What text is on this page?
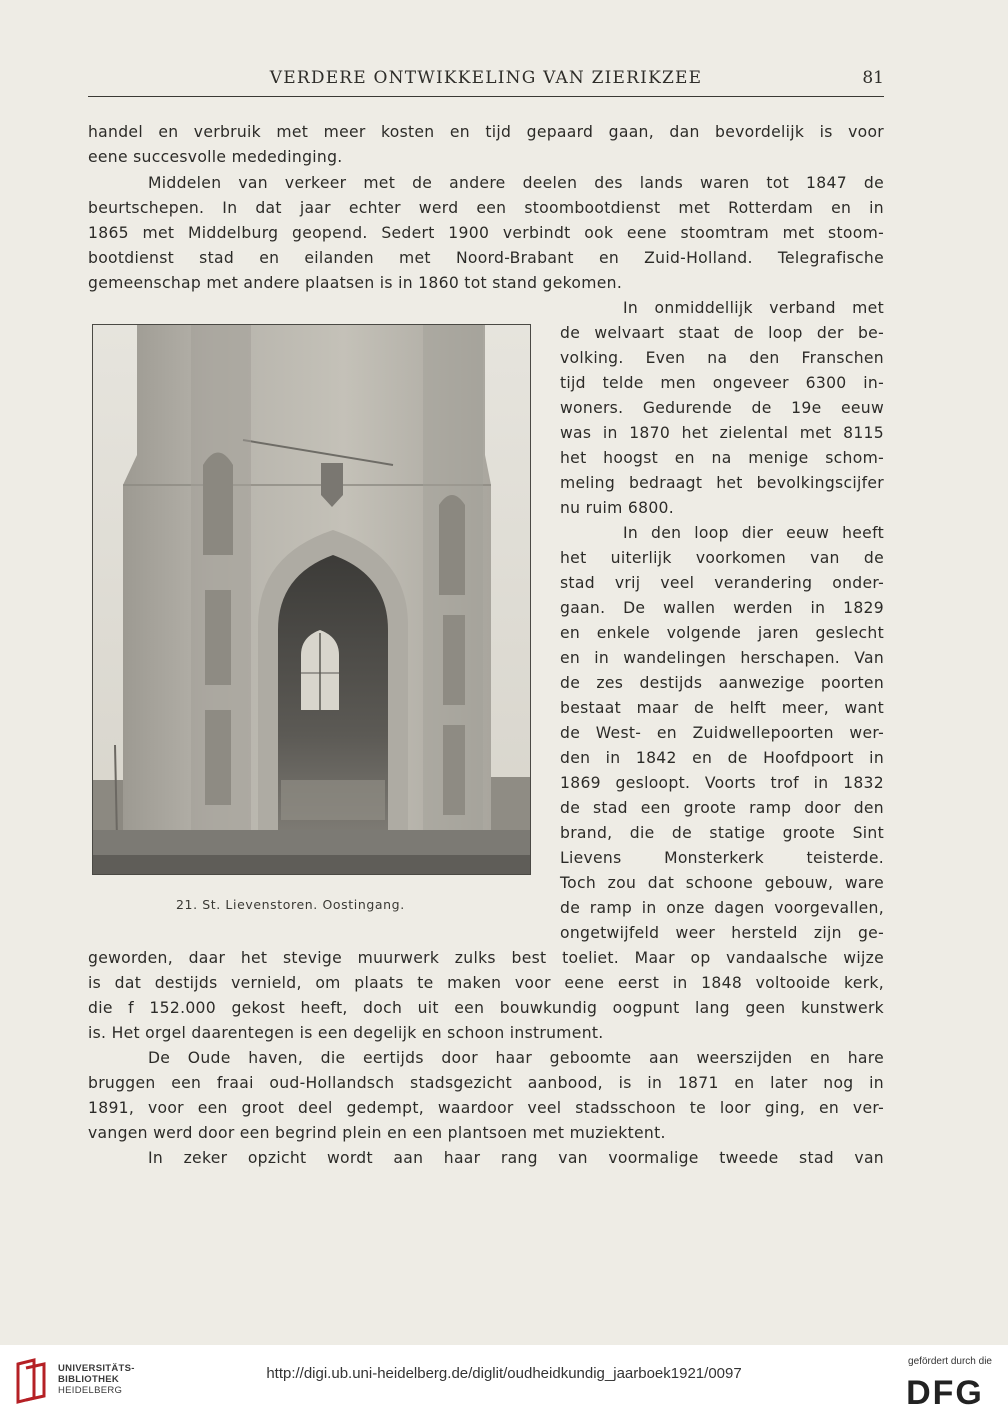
VERDERE ONTWIKKELING VAN ZIERIKZEE	81
handel en verbruik met meer kosten en tijd gepaard gaan, dan bevordelijk is voor
eene succesvolle mededinging.
Middelen van verkeer met de andere deelen des lands waren tot 1847 de
beurtschepen. In dat jaar echter werd een stoombootdienst met Rotterdam en in
1865 met Middelburg geopend. Sedert 1900 verbindt ook eene stoomtram met stoom-
bootdienst stad en eilanden met Noord-Brabant en Zuid-Holland. Telegrafische
gemeenschap met andere plaatsen is in 1860 tot stand gekomen.
In onmiddellijk verband met
de welvaart staat de loop der be-
volking. Even na den Franschen
tijd telde men ongeveer 6300 in-
woners. Gedurende de 19e eeuw
was in 1870 het zielental met 8115
het hoogst en na menige schom-
meling bedraagt het bevolkingscijfer
nu ruim 6800.
In den loop dier eeuw heeft
het uiterlijk voorkomen van de
stad vrij veel verandering onder-
gaan. De wallen werden in 1829
en enkele volgende jaren geslecht
en in wandelingen herschapen. Van
de zes destijds aanwezige poorten
bestaat maar de helft meer, want
de West- en Zuidwellepoorten wer-
den in 1842 en de Hoofdpoort in
1869 gesloopt. Voorts trof in 1832
de stad een groote ramp door den
brand, die de statige groote Sint
Lievens Monsterkerk teisterde.
Toch zou dat schoone gebouw, ware
de ramp in onze dagen voorgevallen,
ongetwijfeld weer hersteld zijn ge-
21. St. Lievenstoren. Oostingang.
geworden, daar het stevige muurwerk zulks best toeliet. Maar op vandaalsche wijze
is dat destijds vernield, om plaats te maken voor eene eerst in 1848 voltooide kerk,
die f 152.000 gekost heeft, doch uit een bouwkundig oogpunt lang geen kunstwerk
is. Het orgel daarentegen is een degelijk en schoon instrument.
De Oude haven, die eertijds door haar geboomte aan weerszijden en hare
bruggen een fraai oud-Hollandsch stadsgezicht aanbood, is in 1871 en later nog in
1891, voor een groot deel gedempt, waardoor veel stadsschoon te loor ging, en ver-
vangen werd door een begrind plein en een plantsoen met muziektent.
In zeker opzicht wordt aan haar rang van voormalige tweede stad van
UNIVERSITÄTS-
BIBLIOTHEK
HEIDELBERG
http://digi.ub.uni-heidelberg.de/diglit/oudheidkundig_jaarboek1921/0097
gefördert durch die
DFG
